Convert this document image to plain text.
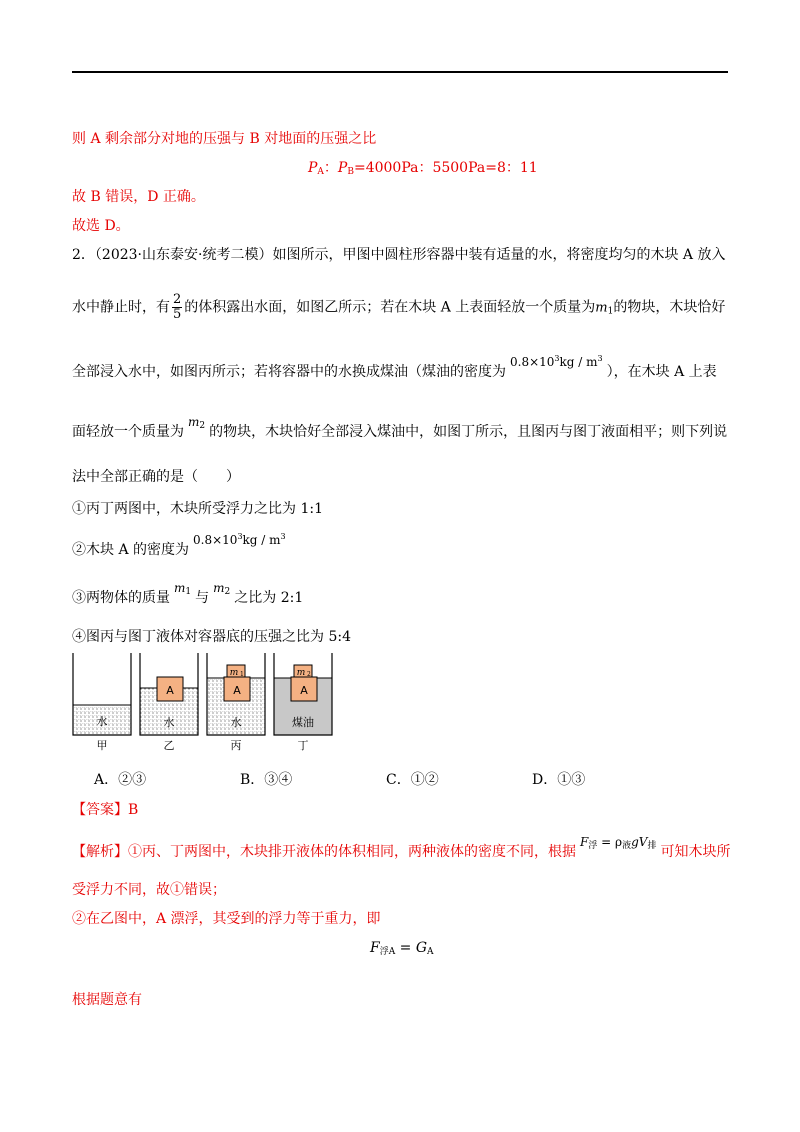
则 A 剩余部分对地的压强与 B 对地面的压强之比
$P_A$：$P_B=4000Pa$：5500Pa=8：11
故 B 错误，D 正确。
故选 D。
2．（2023·山东泰安·统考二模）如图所示，甲图中圆柱形容器中装有适量的水，将密度均匀的木块 A 放入
水中静止时，有 $\frac{2}{5}$ 的体积露出水面，如图乙所示；若在木块 A 上表面轻放一个质量为$m_1$的物块，木块恰好
全部浸入水中，如图丙所示；若将容器中的水换成煤油（煤油的密度为$0.8\times 10^3kg / m^3$），在木块 A 上表
面轻放一个质量为$m_2$ 的物块，木块恰好全部浸入煤油中，如图丁所示，且图丙与图丁液面相平；则下列说
法中全部正确的是（　　）
①丙丁两图中，木块所受浮力之比为 1:1
②木块 A 的密度为$0.8\times 10^3kg / m^3$
③两物体的质量$m_1$ 与$m_2$ 之比为 2:1
④图丙与图丁液体对容器底的压强之比为 5:4
水
甲
A
水
乙
A
m 1
水
丙
A
m 2
煤油
丁
A．②③	B．③④	C．①②	D．①③
【答案】B
【解析】①丙、丁两图中，木块排开液体的体积相同，两种液体的密度不同，根据$F_浮 = \rho_液gV_排$ 可知木块所
受浮力不同，故①错误；
②在乙图中，A 漂浮，其受到的浮力等于重力，即
$F_{浮A} = G_A$
根据题意有
